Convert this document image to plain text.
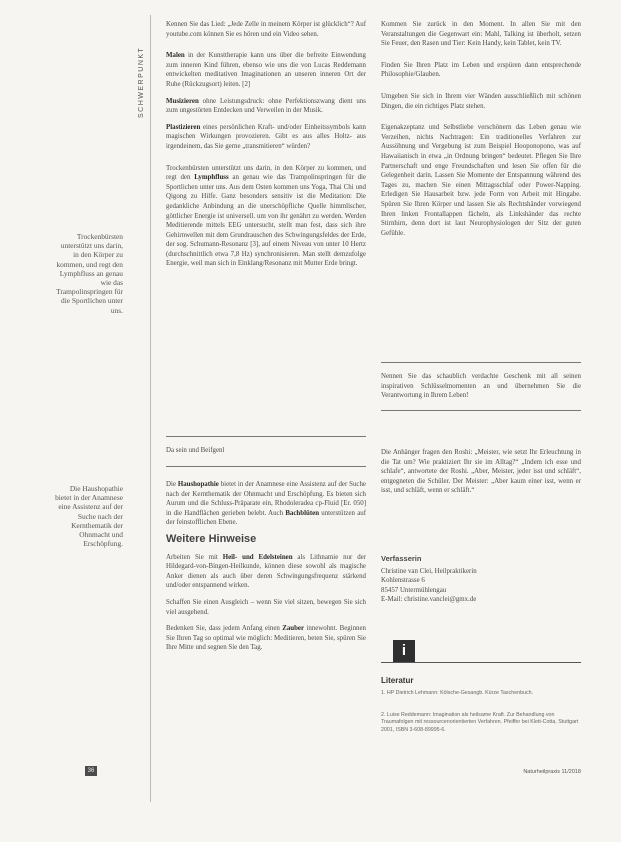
SCHWERPUNKT
Trockenbürsten unterstützt uns darin, in den Körper zu kommen, und regt den Lymphfluss an genau wie das Trampolinspringen für die Sportlichen unter uns.
Die Haushopathie bietet in der Anamnese eine Assistenz auf der Suche nach der Kernthematik der Ohnmacht und Erschöpfung.

Kennen Sie das Lied: „Jede Zelle in meinem Körper ist glücklich“? Auf youtube.com können Sie es hören und ein Video sehen.

Malen in der Kunsttherapie kann uns über die befreite Einwendung zum inneren Kind führen, ebenso wie uns die von Lucas Reddemann entwickelten meditativen Imaginationen an unseren inneren Ort der Ruhe (Rückzugsort) leiten. [2]

Musizieren ohne Leistungsdruck: ohne Perfektionszwang dient uns zum ungestörten Entdecken und Verweilen in der Musik.

Plastizieren eines persönlichen Kraft- und/oder Einheitssymbols kann magischen Wirkungen provozieren. Gibt es aus alles Holtz- aus irgendeinem, das Sie gerne „transmitieren“ würden?

Trockenbürsten unterstützt uns darin, in den Körper zu kommen, und regt den Lymphfluss an genau wie das Trampolinspringen für die Sportlichen unter uns. Aus dem Osten kommen uns Yoga, Thai Chi und Qigong zu Hilfe. Ganz besonders sensitiv ist die Meditation: Die gedankliche Anbindung an die unerschöpfliche Quelle himmlischer, göttlicher Energie ist universell. um von ihr genährt zu werden. Werden Meditierende mittels EEG untersucht, stellt man fest, dass sich ihre Gehirnwellen mit dem Grundrauschen des Schwingungsfeldes der Erde, der sog. Schumann-Resonanz [3], auf einem Niveau von unter 10 Hertz (durchschnittlich etwa 7,8 Hz) synchronisieren. Man stellt demzufolge Energie, weil man sich in Einklang/Resonanz mit Mutter Erde bringt.

Da sein und Beifgenl

Die Haushopathie bietet in der Anamnese eine Assistenz auf der Suche nach der Kernthematik der Ohnmacht und Erschöpfung. Es bieten sich Aurum und die Schluss-Präparate ein, Rhodoleradea cp-Fluid [Er. 050] in die Handflächen gerieben belebt. Auch Bachblüten unterstützen auf der feinstofflichen Ebene.

Weitere Hinweise

Arbeiten Sie mit Heil- und Edelsteinen als Lithnamie nur der Hildegard-von-Bingen-Heilkunde, können diese sowohl als magische Anker dienen als auch über deren Schwingungsfrequenz stärkend und/oder entspannend wirken.

Schaffen Sie einen Ausgleich – wenn Sie viel sitzen, bewegen Sie sich viel ausgehend.

Bedenken Sie, dass jedem Anfang einen Zauber innewohnt. Beginnen Sie Ihren Tag so optimal wie möglich: Meditieren, beten Sie, spüren Sie Ihre Mitte und segnen Sie den Tag.

Kommen Sie zurück in den Moment. In allen Sie mit den Veranstaltungen die Gegenwart ein: Mahl, Talking ist überholt, setzen Sie Feuer, den Rasen und Tier: Kein Handy, kein Tablet, kein TV.

Finden Sie Ihren Platz im Leben und erspüren dann entsprechende Philosophie/Glauben.

Umgeben Sie sich in Ihrem vier Wänden ausschließlich mit schönen Dingen, die ein richtiges Platz stehen.

Eigenakzeptanz und Selbstliebe verschönern das Leben genau wie Verzeihen, nichts Nachtragen: Ein traditionelles Verfahren zur Aussöhnung und Vergebung ist zum Beispiel Hooponopono, was auf Hawaiianisch in etwa „in Ordnung bringen“ bedeutet. Pflegen Sie Ihre Partnerschaft und enge Freundschaften und lesen Sie offen für die Gelegenheit darin. Lassen Sie Momente der Entspannung während des Tages zu, machen Sie einen Mittagsschlaf oder Power-Napping. Erledigen Sie Hausarbeit bzw. jede Form von Arbeit mit Hingabe. Spüren Sie Ihren Körper und lassen Sie als Rechtshänder vorwiegend Ihren linken Frontallappen fächeln, als Linkshänder das rechte Stirnhirn, denn dort ist laut Neurophysiologen der Sitz der guten Gefühle.

Nennen Sie das schaublich verdachte Geschenk mit all seinen inspirativen Schlüsselmomenten an und übernehmen Sie die Verantwortung in Ihrem Leben!
Die Anhänger fragen den Roshi: „Meister, wie setzt Ihr Erleuchtung in die Tat um? Wie praktiziert Ihr sie im Alltag?“ „Indem ich esse und schlafe“, antwortete der Roshi. „Aber, Meister, jeder isst und schläft“, entgegneten die Schüler. Der Meister: „Aber kaum einer isst, wenn er isst, und schläft, wenn er schläft.“
Verfasserin
Christine van Clei, Heilpraktikerin
Kohlenstrasse 6
85457 Untermühlengau
E-Mail: christine.vanclei@gmx.de
i
Literatur
1. HP Dietrich Lehmann: Kölsche-Gesangb. Kürze Taschenbuch.
2. Luise Reddemann: Imagination als heilsame Kraft. Zur Behandlung von Traumafolgen mit ressourcenorientierten Verfahren. Pfeiffer bei Klett-Cotta, Stuttgart 2001, ISBN 3-608-89995-6.
36	Naturheilpraxis 11/2018
